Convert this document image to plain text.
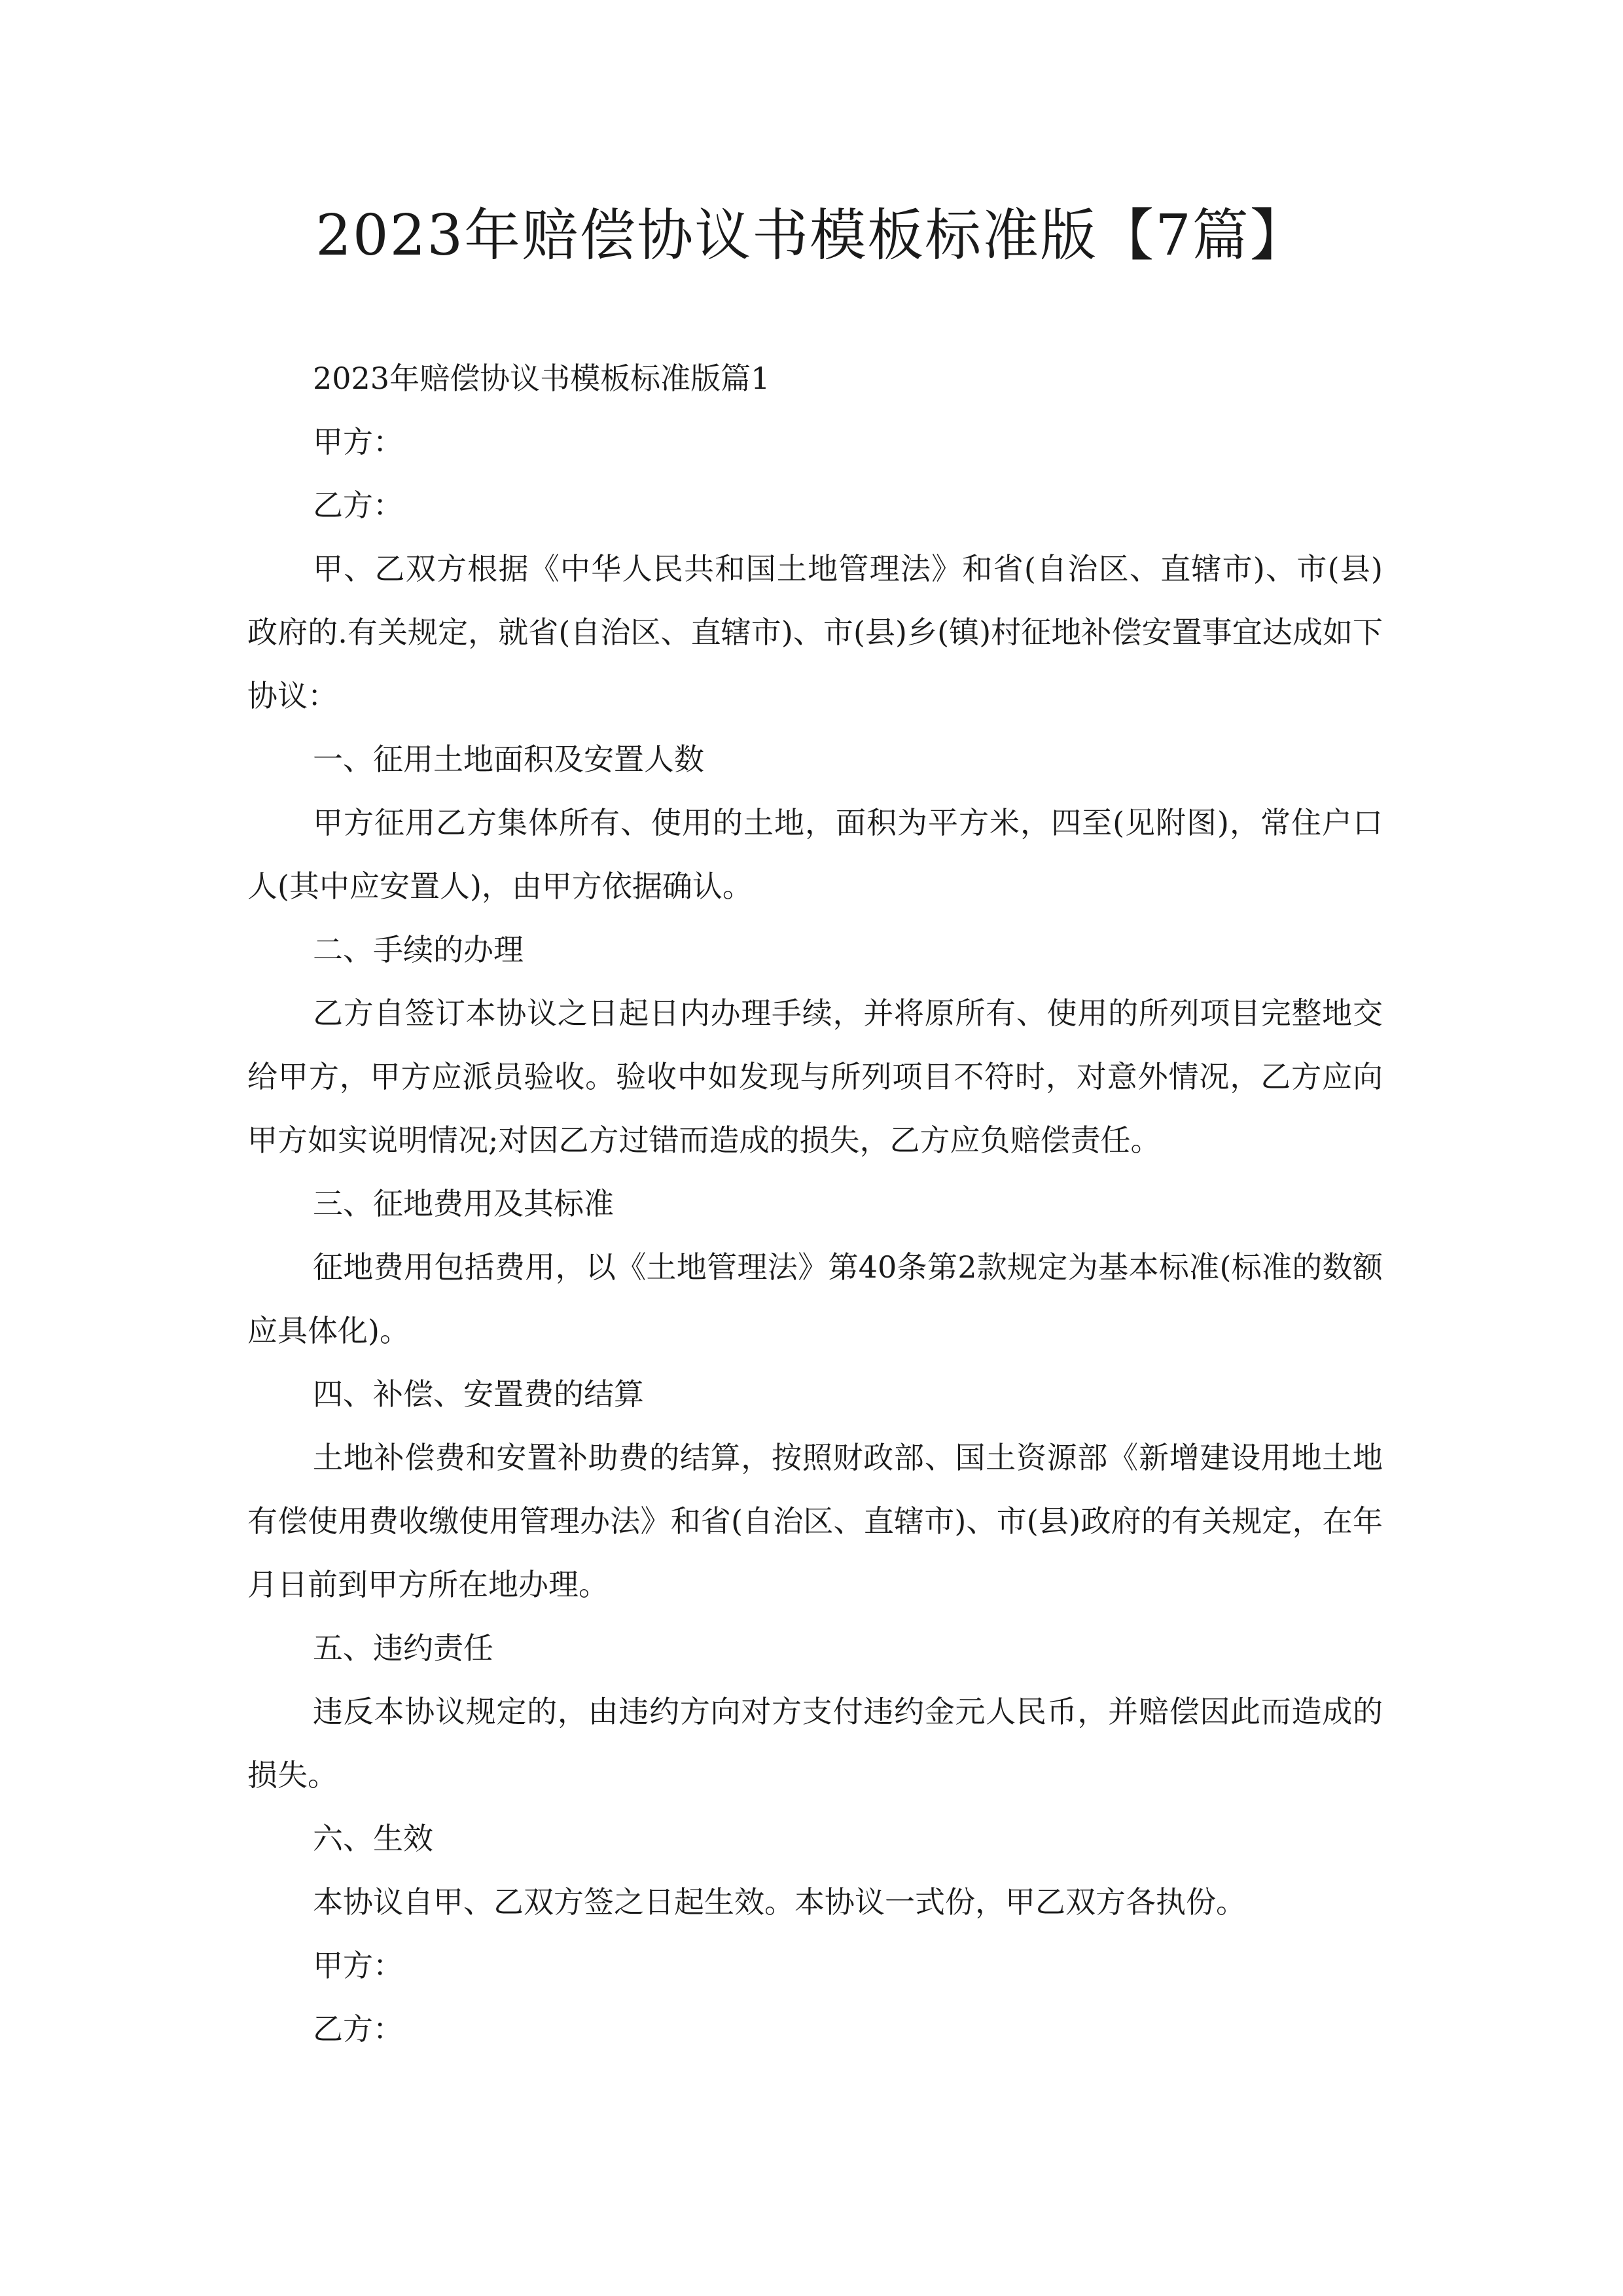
2023年赔偿协议书模板标准版【7篇】

2023年赔偿协议书模板标准版篇1

甲方：

乙方：

甲、乙双方根据《中华人民共和国土地管理法》和省(自治区、直辖市)、市(县)政府的.有关规定，就省(自治区、直辖市)、市(县)乡(镇)村征地补偿安置事宜达成如下协议：

一、征用土地面积及安置人数

甲方征用乙方集体所有、使用的土地，面积为平方米，四至(见附图)，常住户口人(其中应安置人)，由甲方依据确认。

二、手续的办理

乙方自签订本协议之日起日内办理手续，并将原所有、使用的所列项目完整地交给甲方，甲方应派员验收。验收中如发现与所列项目不符时，对意外情况，乙方应向甲方如实说明情况;对因乙方过错而造成的损失，乙方应负赔偿责任。

三、征地费用及其标准

征地费用包括费用，以《土地管理法》第40条第2款规定为基本标准(标准的数额应具体化)。

四、补偿、安置费的结算

土地补偿费和安置补助费的结算，按照财政部、国土资源部《新增建设用地土地有偿使用费收缴使用管理办法》和省(自治区、直辖市)、市(县)政府的有关规定，在年月日前到甲方所在地办理。

五、违约责任

违反本协议规定的，由违约方向对方支付违约金元人民币，并赔偿因此而造成的损失。

六、生效

本协议自甲、乙双方签之日起生效。本协议一式份，甲乙双方各执份。

甲方：

乙方：
